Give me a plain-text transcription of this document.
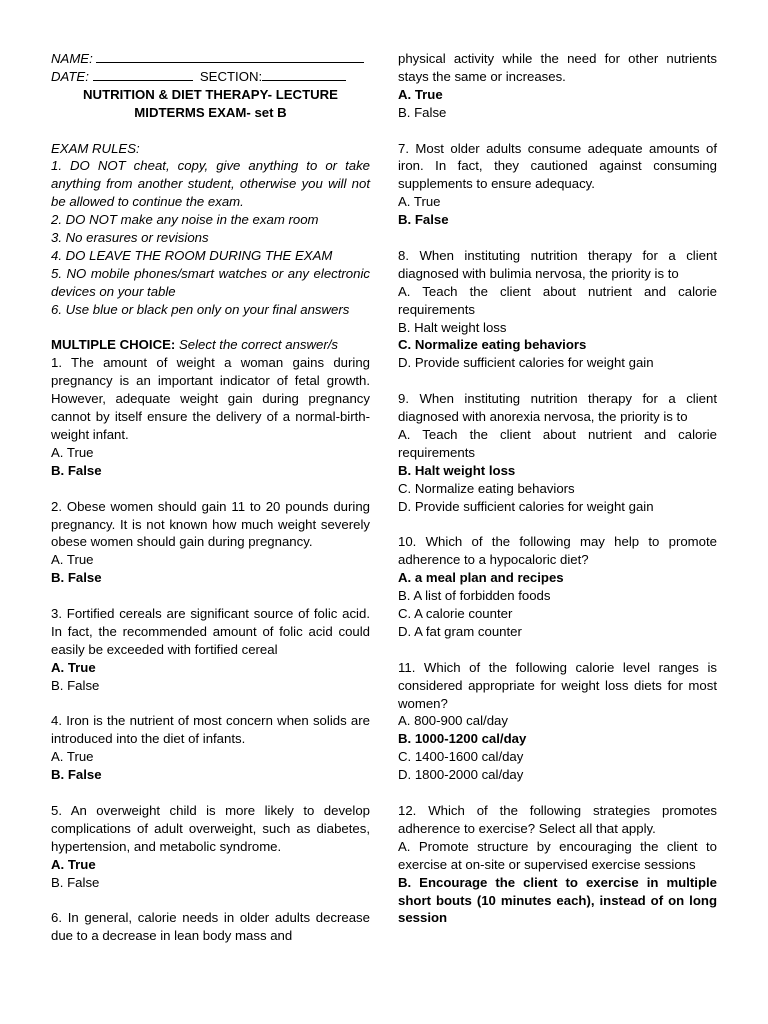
NAME:

DATE:	SECTION:

NUTRITION & DIET THERAPY- LECTURE

MIDTERMS EXAM- set B

EXAM RULES:

1. DO NOT cheat, copy, give anything to or take anything from another student, otherwise you will not be allowed to continue the exam.

2. DO NOT make any noise in the exam room

3. No erasures or revisions

4. DO LEAVE THE ROOM DURING THE EXAM

5. NO mobile phones/smart watches or any electronic devices on your table

6. Use blue or black pen only on your final answers

MULTIPLE CHOICE: Select the correct answer/s

1. The amount of weight a woman gains during pregnancy is an important indicator of fetal growth. However, adequate weight gain during pregnancy cannot by itself ensure the delivery of a normal-birth-weight infant.

A. True

B. False

2. Obese women should gain 11 to 20 pounds during pregnancy. It is not known how much weight severely obese women should gain during pregnancy.

A. True

B. False

3. Fortified cereals are significant source of folic acid. In fact, the recommended amount of folic acid could easily be exceeded with fortified cereal

A. True

B. False

4. Iron is the nutrient of most concern when solids are introduced into the diet of infants.

A. True

B. False

5. An overweight child is more likely to develop complications of adult overweight, such as diabetes, hypertension, and metabolic syndrome.

A. True

B. False

6. In general, calorie needs in older adults decrease due to a decrease in lean body mass and

physical activity while the need for other nutrients stays the same or increases.

A. True

B. False

7. Most older adults consume adequate amounts of iron. In fact, they cautioned against consuming supplements to ensure adequacy.

A. True

B. False

8. When instituting nutrition therapy for a client diagnosed with bulimia nervosa, the priority is to

A. Teach the client about nutrient and calorie requirements

B. Halt weight loss

C. Normalize eating behaviors

D. Provide sufficient calories for weight gain

9. When instituting nutrition therapy for a client diagnosed with anorexia nervosa, the priority is to

A. Teach the client about nutrient and calorie requirements

B. Halt weight loss

C. Normalize eating behaviors

D. Provide sufficient calories for weight gain

10. Which of the following may help to promote adherence to a hypocaloric diet?

A. a meal plan and recipes

B. A list of forbidden foods

C. A calorie counter

D. A fat gram counter

11. Which of the following calorie level ranges is considered appropriate for weight loss diets for most women?

A. 800-900 cal/day

B. 1000-1200 cal/day

C. 1400-1600 cal/day

D. 1800-2000 cal/day

12. Which of the following strategies promotes adherence to exercise? Select all that apply.

A. Promote structure by encouraging the client to exercise at on-site or supervised exercise sessions

B. Encourage the client to exercise in multiple short bouts (10 minutes each), instead of on long session
